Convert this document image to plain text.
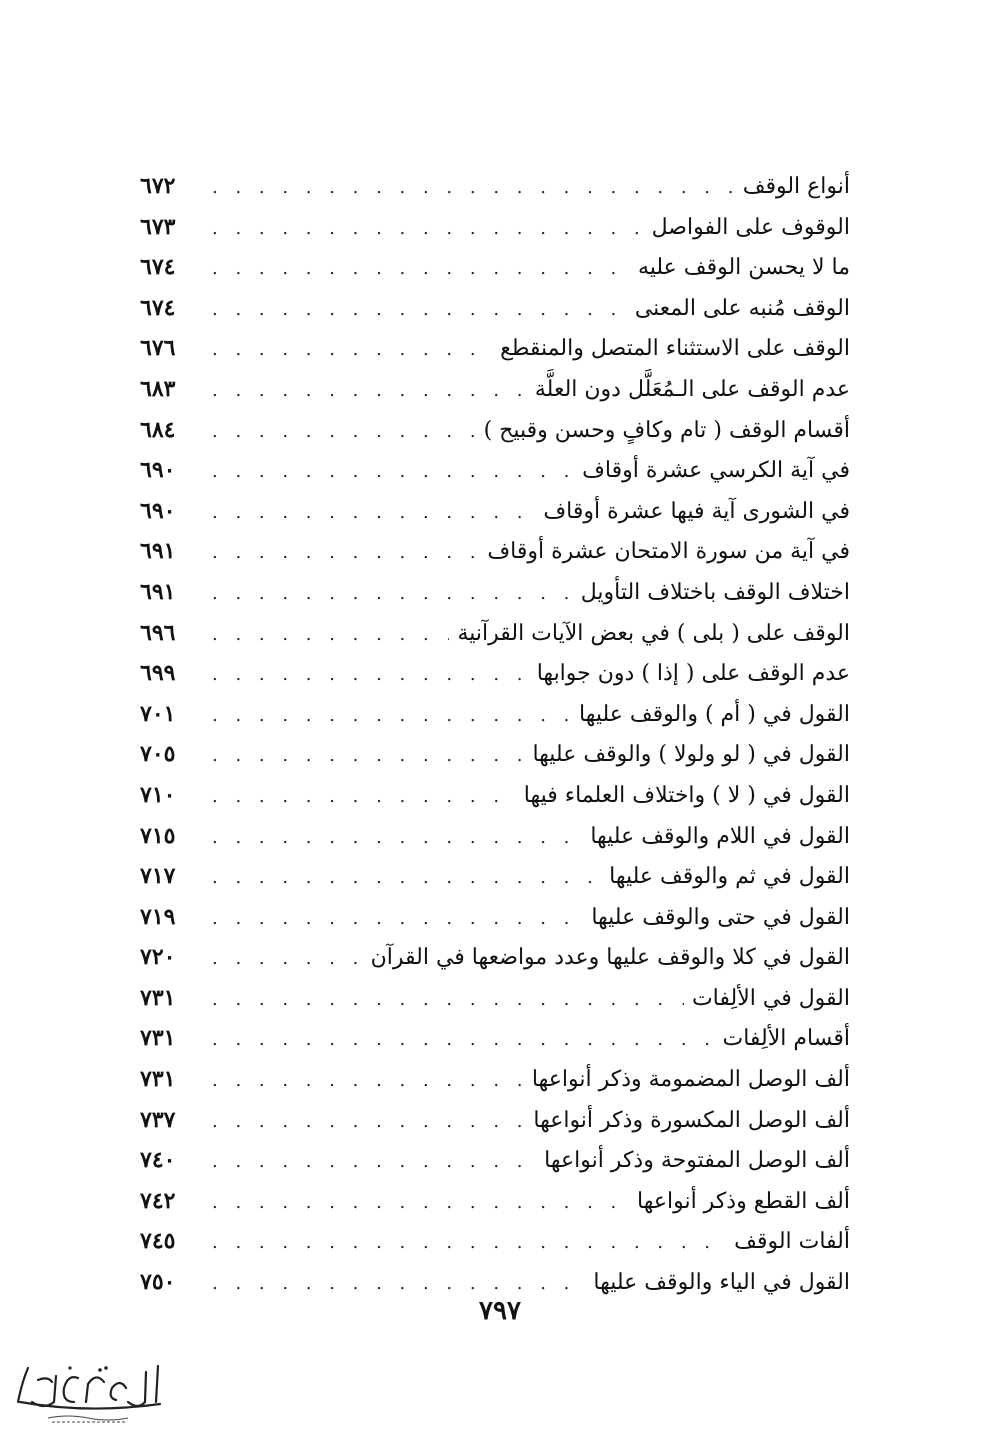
أنواع الوقف
. . .
٦٧٢
الوقوف على الفواصل
. . .
٦٧٣
ما لا يحسن الوقف عليه
. . .
٦٧٤
الوقف مُنبه على المعنى
. . .
٦٧٤
الوقف على الاستثناء المتصل والمنقطع
. . .
٦٧٦
عدم الوقف على الـمُعَلَّل دون العلَّة
. . .
٦٨٣
أقسام الوقف ( تام وكافٍ وحسن وقبيح )
. . .
٦٨٤
في آية الكرسي عشرة أوقاف
. . .
٦٩٠
في الشورى آية فيها عشرة أوقاف
. . .
٦٩٠
في آية من سورة الامتحان عشرة أوقاف
. . .
٦٩١
اختلاف الوقف باختلاف التأويل
. . .
٦٩١
الوقف على ( بلى ) في بعض الآيات القرآنية
. . .
٦٩٦
عدم الوقف على ( إذا ) دون جوابها
. . .
٦٩٩
القول في ( أم ) والوقف عليها
. . .
٧٠١
القول في ( لو ولولا ) والوقف عليها
. . .
٧٠٥
القول في ( لا ) واختلاف العلماء فيها
. . .
٧١٠
القول في اللام والوقف عليها
. . .
٧١٥
القول في ثم والوقف عليها
. . .
٧١٧
القول في حتى والوقف عليها
. . .
٧١٩
القول في كلا والوقف عليها وعدد مواضعها في القرآن
. . .
٧٢٠
القول في الألِفات
. . .
٧٣١
أقسام الألِفات
. . .
٧٣١
ألف الوصل المضمومة وذكر أنواعها
. . .
٧٣١
ألف الوصل المكسورة وذكر أنواعها
. . .
٧٣٧
ألف الوصل المفتوحة وذكر أنواعها
. . .
٧٤٠
ألف القطع وذكر أنواعها
. . .
٧٤٢
ألفات الوقف
. . .
٧٤٥
القول في الياء والوقف عليها
. . .
٧٥٠
٧٩٧
